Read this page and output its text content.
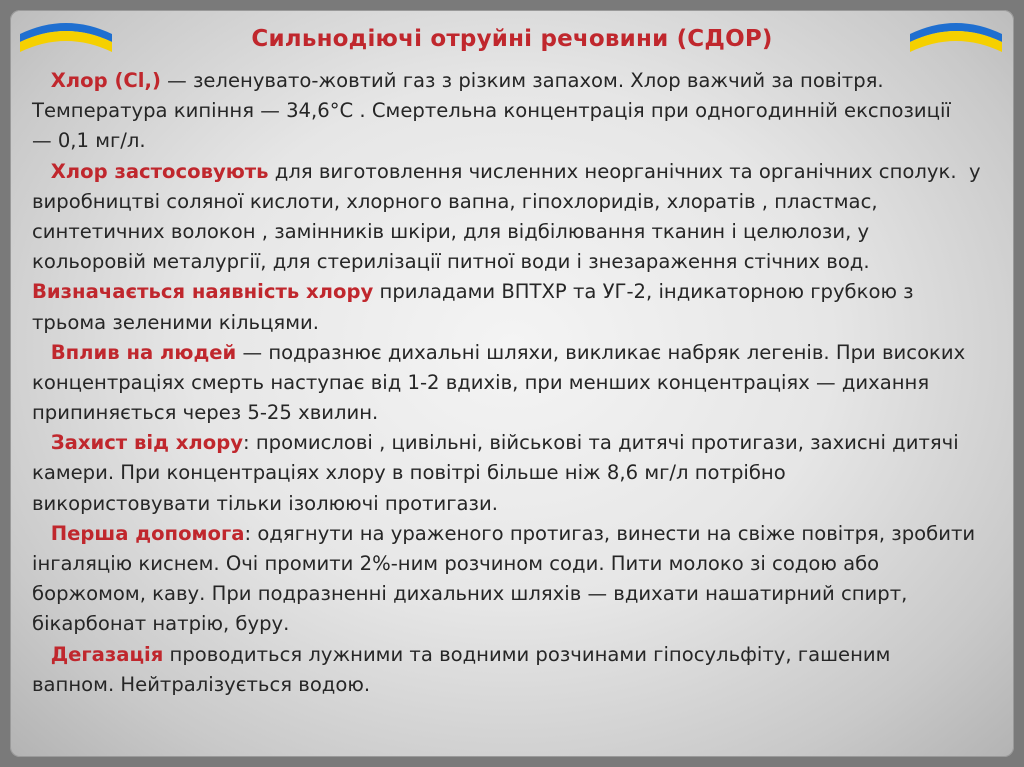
Сильнодіючі отруйні речовини (СДОР)
Хлор (Cl,) — зеленувато-жовтий газ з різким запахом. Хлор важчий за повітря.
Температура кипіння — 34,6°С . Смертельна концентрація при одногодинній експозиції
— 0,1 мг/л.
Хлор застосовують для виготовлення численних неорганічних та органічних сполук.  у
виробництві соляної кислоти, хлорного вапна, гіпохлоридів, хлоратів , пластмас,
синтетичних волокон , замінників шкіри, для відбілювання тканин і целюлози, у
кольоровій металургії, для стерилізації питної води і знезараження стічних вод.
Визначається наявність хлору приладами ВПТХР та УГ-2, індикаторною грубкою з
трьома зеленими кільцями.
Вплив на людей — подразнює дихальні шляхи, викликає набряк легенів. При високих
концентраціях смерть наступає від 1-2 вдихів, при менших концентраціях — дихання
припиняється через 5-25 хвилин.
Захист від хлору: промислові , цивільні, військові та дитячі протигази, захисні дитячі
камери. При концентраціях хлору в повітрі більше ніж 8,6 мг/л потрібно
використовувати тільки ізолюючі протигази.
Перша допомога: одягнути на ураженого протигаз, винести на свіже повітря, зробити
інгаляцію киснем. Очі промити 2%-ним розчином соди. Пити молоко зі содою або
боржомом, каву. При подразненні дихальних шляхів — вдихати нашатирний спирт,
бікарбонат натрію, буру.
Дегазація проводиться лужними та водними розчинами гіпосульфіту, гашеним
вапном. Нейтралізується водою.
